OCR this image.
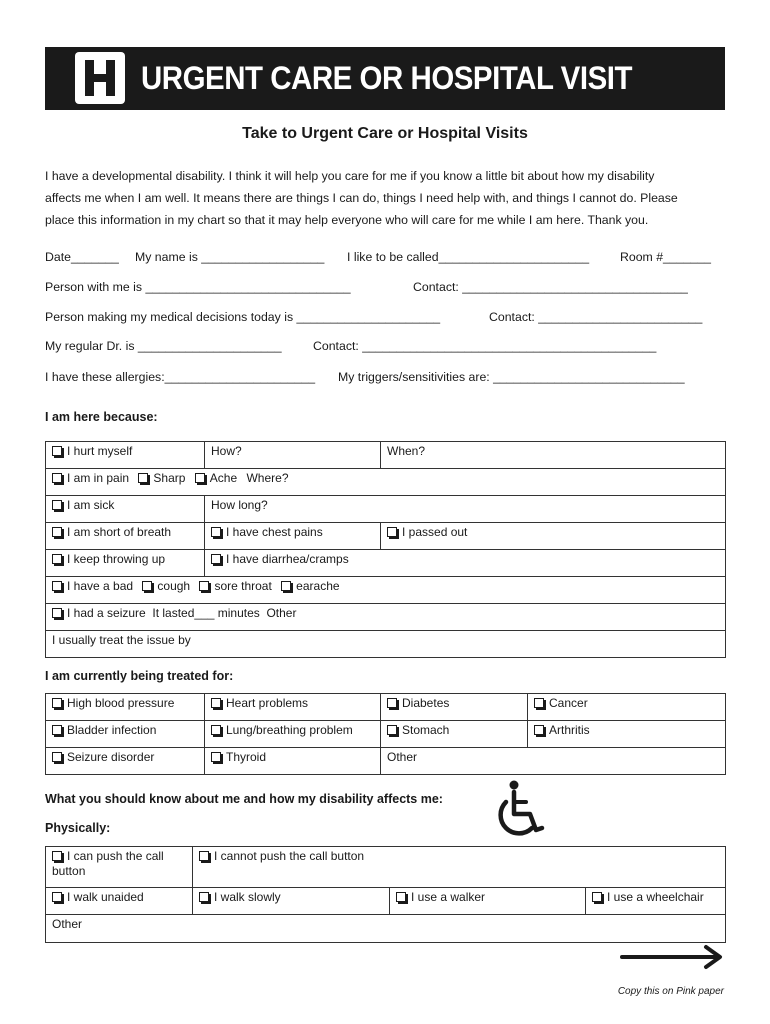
URGENT CARE OR HOSPITAL VISIT
Take to Urgent Care or Hospital Visits

I have a developmental disability. I think it will help you care for me if you know a little bit about how my disability

affects me when I am well. It means there are things I can do, things I need help with, and things I cannot do. Please

place this information in my chart so that it may help everyone who will care for me while I am here. Thank you.

Date_______ My name is __________________ I like to be called______________________	Room #_______
Person with me is ______________________________	Contact: _________________________________
Person making my medical decisions today is _____________________	Contact: ________________________
My regular Dr. is _____________________	Contact: ___________________________________________
I have these allergies:______________________ My triggers/sensitivities are: ____________________________
I am here because:
I hurt myself	How?	When?
I am in pain Sharp Ache Where?		
I am sick	How long?	
I am short of breath	I have chest pains	I passed out
I keep throwing up	I have diarrhea/cramps	
I have a bad cough sore throat earache		
I had a seizure  It lasted___ minutes  Other		
I usually treat the issue by		
I am currently being treated for:
High blood pressure	Heart problems	Diabetes	Cancer
Bladder infection	Lung/breathing problem	Stomach	Arthritis
Seizure disorder	Thyroid	Other	
What you should know about me and how my disability affects me:
Physically:
I can push the call button	I cannot push the call button		
I walk unaided	I walk slowly	I use a walker	I use a wheelchair
Other			
Copy this on Pink paper
